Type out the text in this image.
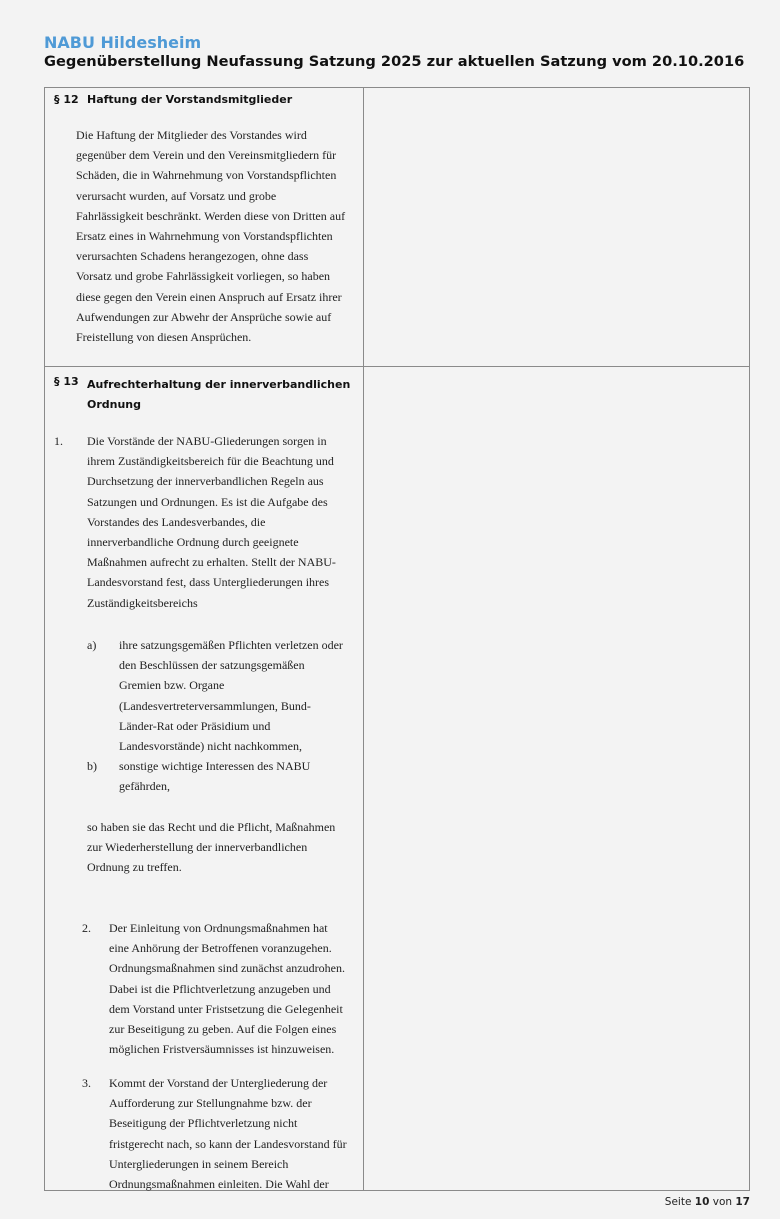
NABU Hildesheim
Gegenüberstellung Neufassung Satzung 2025 zur aktuellen Satzung vom 20.10.2016
§ 12 Haftung der Vorstandsmitglieder
Die Haftung der Mitglieder des Vorstandes wird
gegenüber dem Verein und den Vereinsmitgliedern für
Schäden, die in Wahrnehmung von Vorstandspflichten
verursacht wurden, auf Vorsatz und grobe
Fahrlässigkeit beschränkt. Werden diese von Dritten auf
Ersatz eines in Wahrnehmung von Vorstandspflichten
verursachten Schadens herangezogen, ohne dass
Vorsatz und grobe Fahrlässigkeit vorliegen, so haben
diese gegen den Verein einen Anspruch auf Ersatz ihrer
Aufwendungen zur Abwehr der Ansprüche sowie auf
Freistellung von diesen Ansprüchen.
§ 13 Aufrechterhaltung der innerverbandlichen
Ordnung
1. Die Vorstände der NABU-Gliederungen sorgen in
ihrem Zuständigkeitsbereich für die Beachtung und
Durchsetzung der innerverbandlichen Regeln aus
Satzungen und Ordnungen. Es ist die Aufgabe des
Vorstandes des Landesverbandes, die
innerverbandliche Ordnung durch geeignete
Maßnahmen aufrecht zu erhalten. Stellt der NABU-
Landesvorstand fest, dass Untergliederungen ihres
Zuständigkeitsbereichs
a) ihre satzungsgemäßen Pflichten verletzen oder
den Beschlüssen der satzungsgemäßen
Gremien bzw. Organe
(Landesvertreterversammlungen, Bund-
Länder-Rat oder Präsidium und
Landesvorstände) nicht nachkommen,
b) sonstige wichtige Interessen des NABU
gefährden,
so haben sie das Recht und die Pflicht, Maßnahmen
zur Wiederherstellung der innerverbandlichen
Ordnung zu treffen.
2. Der Einleitung von Ordnungsmaßnahmen hat
eine Anhörung der Betroffenen voranzugehen.
Ordnungsmaßnahmen sind zunächst anzudrohen.
Dabei ist die Pflichtverletzung anzugeben und
dem Vorstand unter Fristsetzung die Gelegenheit
zur Beseitigung zu geben. Auf die Folgen eines
möglichen Fristversäumnisses ist hinzuweisen.
3. Kommt der Vorstand der Untergliederung der
Aufforderung zur Stellungnahme bzw. der
Beseitigung der Pflichtverletzung nicht
fristgerecht nach, so kann der Landesvorstand für
Untergliederungen in seinem Bereich
Ordnungsmaßnahmen einleiten. Die Wahl der
Seite 10 von 17
